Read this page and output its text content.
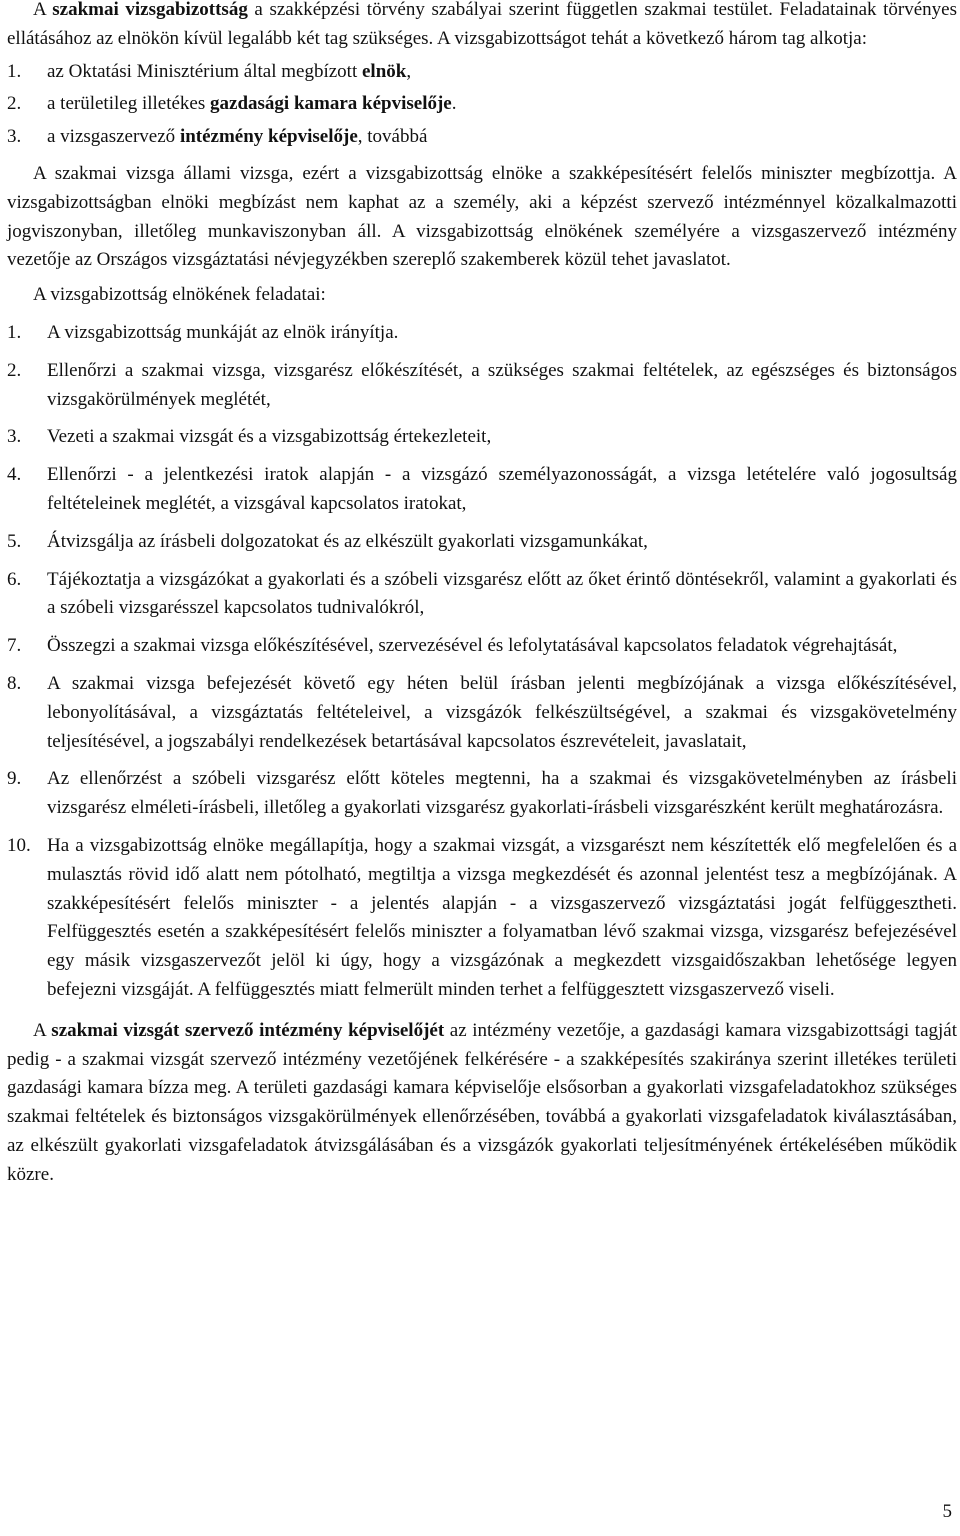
A szakmai vizsgabizottság a szakképzési törvény szabályai szerint független szakmai testület. Feladatainak törvényes ellátásához az elnökön kívül legalább két tag szükséges. A vizsgabizottságot tehát a következő három tag alkotja:

1. az Oktatási Minisztérium által megbízott elnök,
2. a területileg illetékes gazdasági kamara képviselője.
3. a vizsgaszervező intézmény képviselője, továbbá

A szakmai vizsga állami vizsga, ezért a vizsgabizottság elnöke a szakképesítésért felelős miniszter megbízottja. A vizsgabizottságban elnöki megbízást nem kaphat az a személy, aki a képzést szervező intézménnyel közalkalmazotti jogviszonyban, illetőleg munkaviszonyban áll. A vizsgabizottság elnökének személyére a vizsgaszervező intézmény vezetője az Országos vizsgáztatási névjegyzékben szereplő szakemberek közül tehet javaslatot.

A vizsgabizottság elnökének feladatai:

1. A vizsgabizottság munkáját az elnök irányítja.
2. Ellenőrzi a szakmai vizsga, vizsgarész előkészítését, a szükséges szakmai feltételek, az egészséges és biztonságos vizsgakörülmények meglétét,
3. Vezeti a szakmai vizsgát és a vizsgabizottság értekezleteit,
4. Ellenőrzi - a jelentkezési iratok alapján - a vizsgázó személyazonosságát, a vizsga letételére való jogosultság feltételeinek meglétét, a vizsgával kapcsolatos iratokat,
5. Átvizsgálja az írásbeli dolgozatokat és az elkészült gyakorlati vizsgamunkákat,
6. Tájékoztatja a vizsgázókat a gyakorlati és a szóbeli vizsgarész előtt az őket érintő döntésekről, valamint a gyakorlati és a szóbeli vizsgarésszel kapcsolatos tudnivalókról,
7. Összegzi a szakmai vizsga előkészítésével, szervezésével és lefolytatásával kapcsolatos feladatok végrehajtását,
8. A szakmai vizsga befejezését követő egy héten belül írásban jelenti megbízójának a vizsga előkészítésével, lebonyolításával, a vizsgáztatás feltételeivel, a vizsgázók felkészültségével, a szakmai és vizsgakövetelmény teljesítésével, a jogszabályi rendelkezések betartásával kapcsolatos észrevételeit, javaslatait,
9. Az ellenőrzést a szóbeli vizsgarész előtt köteles megtenni, ha a szakmai és vizsgakövetelményben az írásbeli vizsgarész elméleti-írásbeli, illetőleg a gyakorlati vizsgarész gyakorlati-írásbeli vizsgarészként került meghatározásra.
10. Ha a vizsgabizottság elnöke megállapítja, hogy a szakmai vizsgát, a vizsgarészt nem készítették elő megfelelően és a mulasztás rövid idő alatt nem pótolható, megtiltja a vizsga megkezdését és azonnal jelentést tesz a megbízójának. A szakképesítésért felelős miniszter - a jelentés alapján - a vizsgaszervező vizsgáztatási jogát felfüggesztheti. Felfüggesztés esetén a szakképesítésért felelős miniszter a folyamatban lévő szakmai vizsga, vizsgarész befejezésével egy másik vizsgaszervezőt jelöl ki úgy, hogy a vizsgázónak a megkezdett vizsgaidőszakban lehetősége legyen befejezni vizsgáját. A felfüggesztés miatt felmerült minden terhet a felfüggesztett vizsgaszervező viseli.

A szakmai vizsgát szervező intézmény képviselőjét az intézmény vezetője, a gazdasági kamara vizsgabizottsági tagját pedig - a szakmai vizsgát szervező intézmény vezetőjének felkérésére - a szakképesítés szakiránya szerint illetékes területi gazdasági kamara bízza meg. A területi gazdasági kamara képviselője elsősorban a gyakorlati vizsgafeladatokhoz szükséges szakmai feltételek és biztonságos vizsgakörülmények ellenőrzésében, továbbá a gyakorlati vizsgafeladatok kiválasztásában, az elkészült gyakorlati vizsgafeladatok átvizsgálásában és a vizsgázók gyakorlati teljesítményének értékelésében működik közre.

5
